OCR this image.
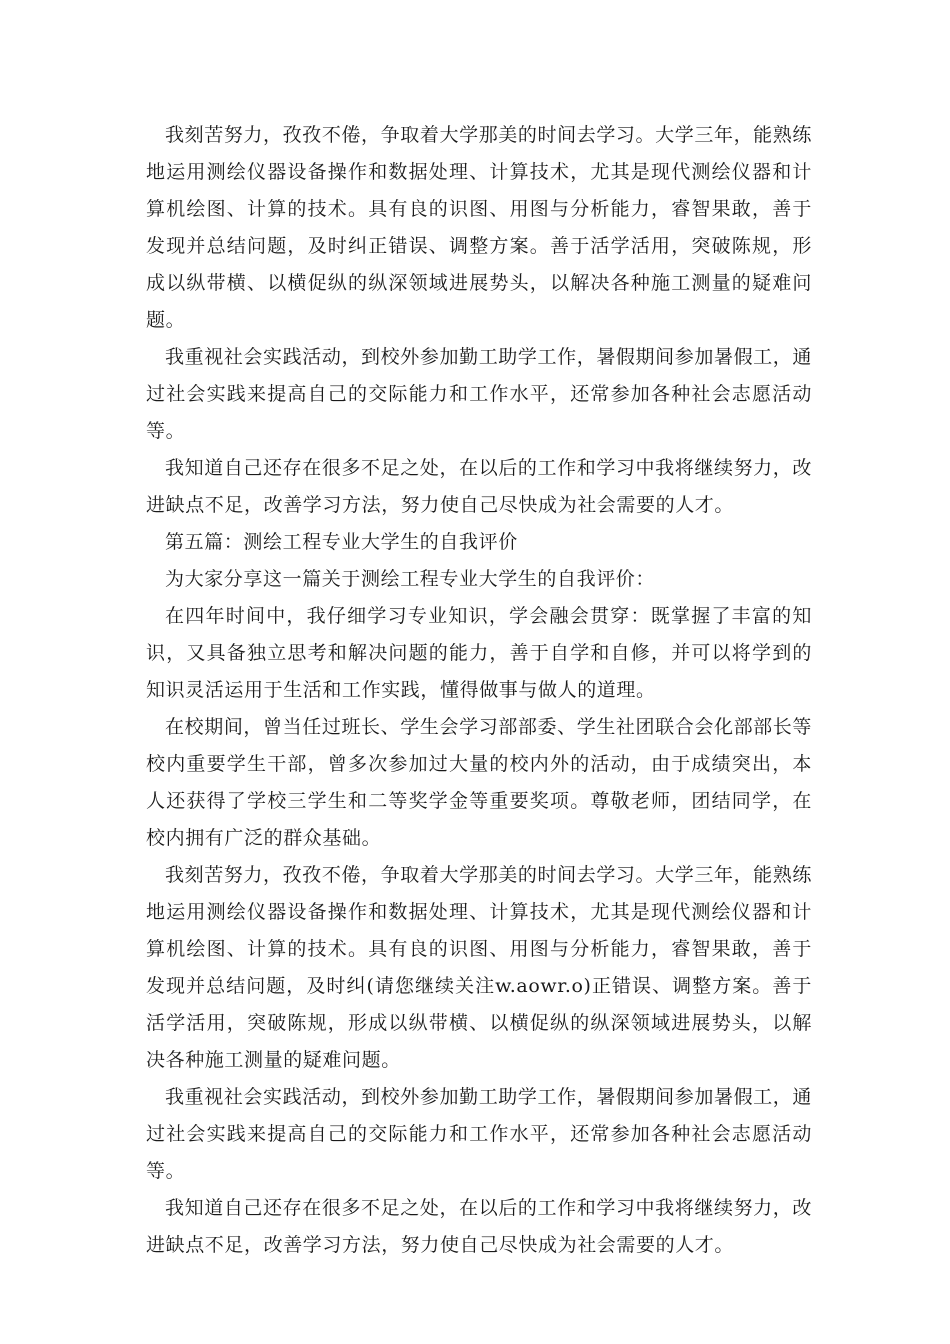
我刻苦努力，孜孜不倦，争取着大学那美的时间去学习。大学三年，能熟练地运用测绘仪器设备操作和数据处理、计算技术，尤其是现代测绘仪器和计算机绘图、计算的技术。具有良的识图、用图与分析能力，睿智果敢，善于发现并总结问题，及时纠正错误、调整方案。善于活学活用，突破陈规，形成以纵带横、以横促纵的纵深领域进展势头，以解决各种施工测量的疑难问题。

我重视社会实践活动，到校外参加勤工助学工作，暑假期间参加暑假工，通过社会实践来提高自己的交际能力和工作水平，还常参加各种社会志愿活动等。

我知道自己还存在很多不足之处，在以后的工作和学习中我将继续努力，改进缺点不足，改善学习方法，努力使自己尽快成为社会需要的人才。

第五篇：测绘工程专业大学生的自我评价

为大家分享这一篇关于测绘工程专业大学生的自我评价：

在四年时间中，我仔细学习专业知识，学会融会贯穿：既掌握了丰富的知识，又具备独立思考和解决问题的能力，善于自学和自修，并可以将学到的知识灵活运用于生活和工作实践，懂得做事与做人的道理。

在校期间，曾当任过班长、学生会学习部部委、学生社团联合会化部部长等校内重要学生干部，曾多次参加过大量的校内外的活动，由于成绩突出，本人还获得了学校三学生和二等奖学金等重要奖项。尊敬老师，团结同学，在校内拥有广泛的群众基础。

我刻苦努力，孜孜不倦，争取着大学那美的时间去学习。大学三年，能熟练地运用测绘仪器设备操作和数据处理、计算技术，尤其是现代测绘仪器和计算机绘图、计算的技术。具有良的识图、用图与分析能力，睿智果敢，善于发现并总结问题，及时纠(请您继续关注w.aowr.o)正错误、调整方案。善于活学活用，突破陈规，形成以纵带横、以横促纵的纵深领域进展势头，以解决各种施工测量的疑难问题。

我重视社会实践活动，到校外参加勤工助学工作，暑假期间参加暑假工，通过社会实践来提高自己的交际能力和工作水平，还常参加各种社会志愿活动等。

我知道自己还存在很多不足之处，在以后的工作和学习中我将继续努力，改进缺点不足，改善学习方法，努力使自己尽快成为社会需要的人才。
